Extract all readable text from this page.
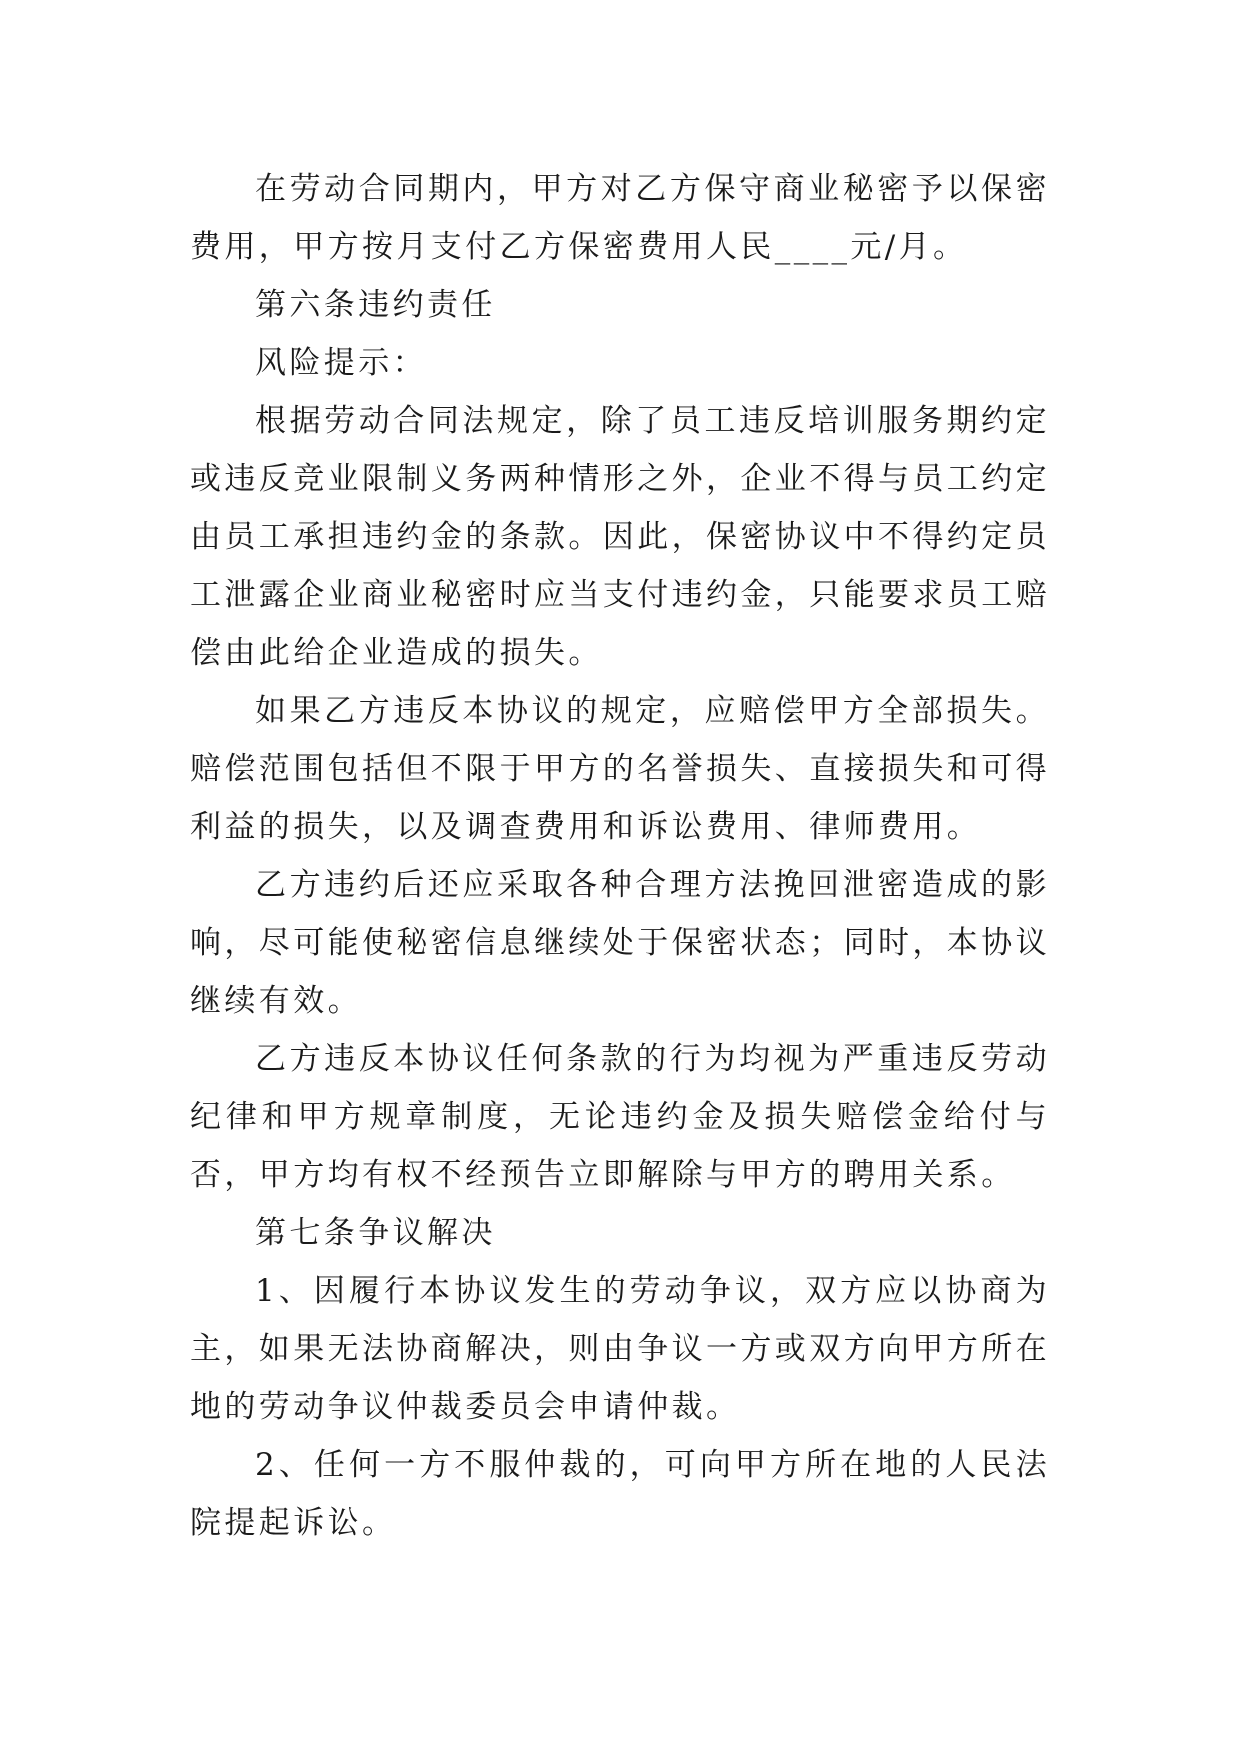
在劳动合同期内，甲方对乙方保守商业秘密予以保密费用，甲方按月支付乙方保密费用人民____元/月。

第六条违约责任

风险提示：

根据劳动合同法规定，除了员工违反培训服务期约定或违反竞业限制义务两种情形之外，企业不得与员工约定由员工承担违约金的条款。因此，保密协议中不得约定员工泄露企业商业秘密时应当支付违约金，只能要求员工赔偿由此给企业造成的损失。

如果乙方违反本协议的规定，应赔偿甲方全部损失。赔偿范围包括但不限于甲方的名誉损失、直接损失和可得利益的损失，以及调查费用和诉讼费用、律师费用。

乙方违约后还应采取各种合理方法挽回泄密造成的影响，尽可能使秘密信息继续处于保密状态；同时，本协议继续有效。

乙方违反本协议任何条款的行为均视为严重违反劳动纪律和甲方规章制度，无论违约金及损失赔偿金给付与否，甲方均有权不经预告立即解除与甲方的聘用关系。

第七条争议解决

1、因履行本协议发生的劳动争议，双方应以协商为主，如果无法协商解决，则由争议一方或双方向甲方所在地的劳动争议仲裁委员会申请仲裁。

2、任何一方不服仲裁的，可向甲方所在地的人民法院提起诉讼。
